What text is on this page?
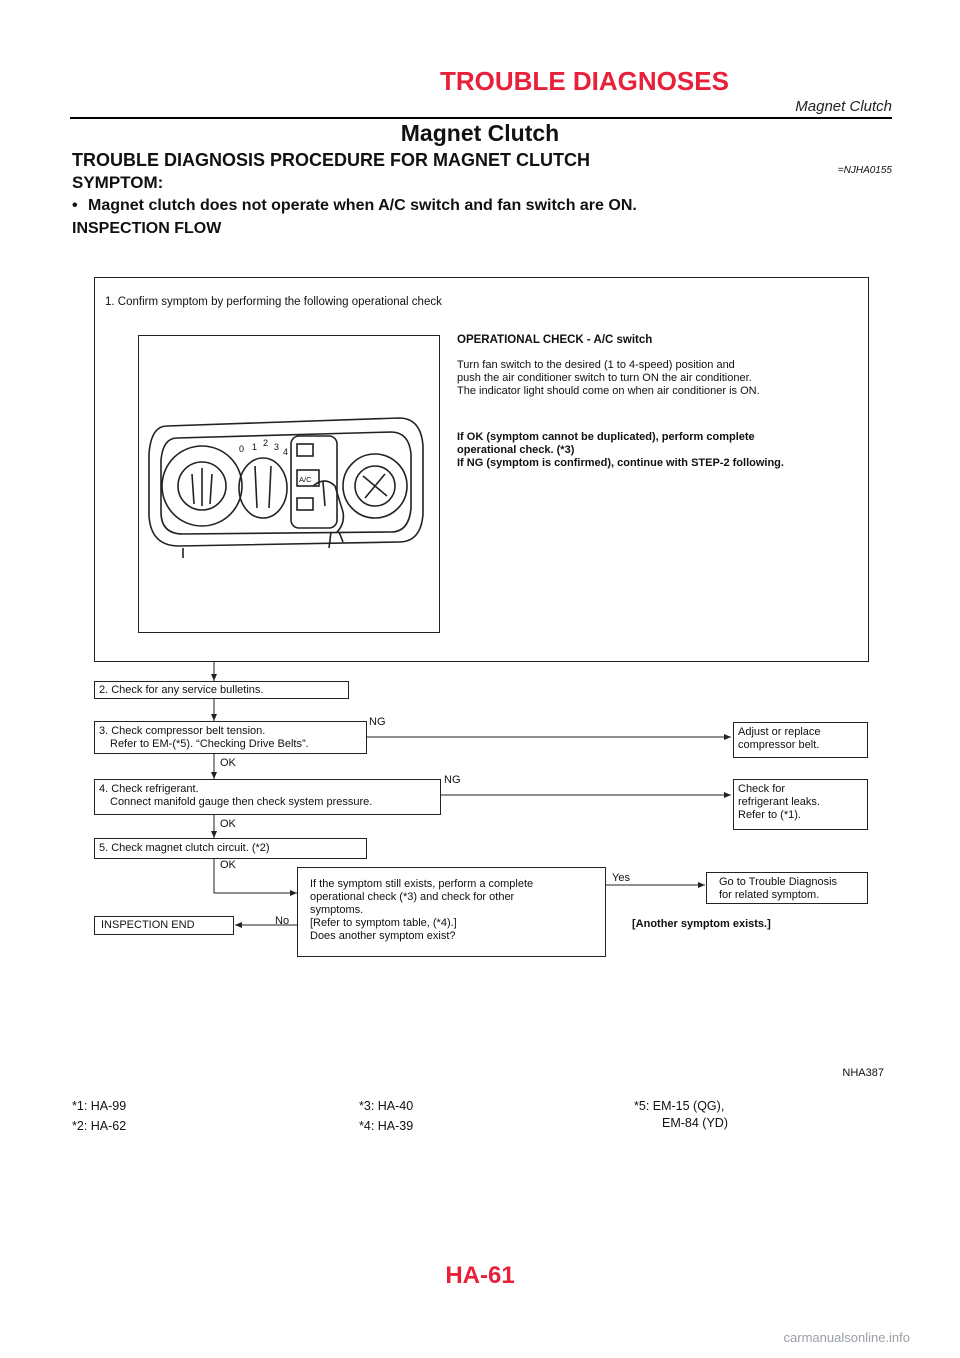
TROUBLE DIAGNOSES
Magnet Clutch
Magnet Clutch
TROUBLE DIAGNOSIS PROCEDURE FOR MAGNET CLUTCH
=NJHA0155
SYMPTOM:
• Magnet clutch does not operate when A/C switch and fan switch are ON.
INSPECTION FLOW
1. Confirm symptom by performing the following operational check
0 1 2 3 4
A/C
OPERATIONAL CHECK - A/C switch
Turn fan switch to the desired (1 to 4-speed) position and
push the air conditioner switch to turn ON the air conditioner.
The indicator light should come on when air conditioner is ON.
If OK (symptom cannot be duplicated), perform complete
operational check. (*3)
If NG (symptom is confirmed), continue with STEP-2 following.
2. Check for any service bulletins.
3. Check compressor belt tension.
Refer to EM-(*5). “Checking Drive Belts”.
NG
OK
Adjust or replace
compressor belt.
4. Check refrigerant.
Connect manifold gauge then check system pressure.
NG
OK
Check for
refrigerant leaks.
Refer to (*1).
5. Check magnet clutch circuit. (*2)
OK
If the symptom still exists, perform a complete
operational check (*3) and check for other
symptoms.
[Refer to symptom table, (*4).]
Does another symptom exist?
Yes	Go to Trouble Diagnosis
for related symptom.
[Another symptom exists.]
No
INSPECTION END
NHA387
*1: HA-99
*2: HA-62
*3: HA-40
*4: HA-39
*5: EM-15 (QG),
EM-84 (YD)
HA-61
carmanualsonline.info
